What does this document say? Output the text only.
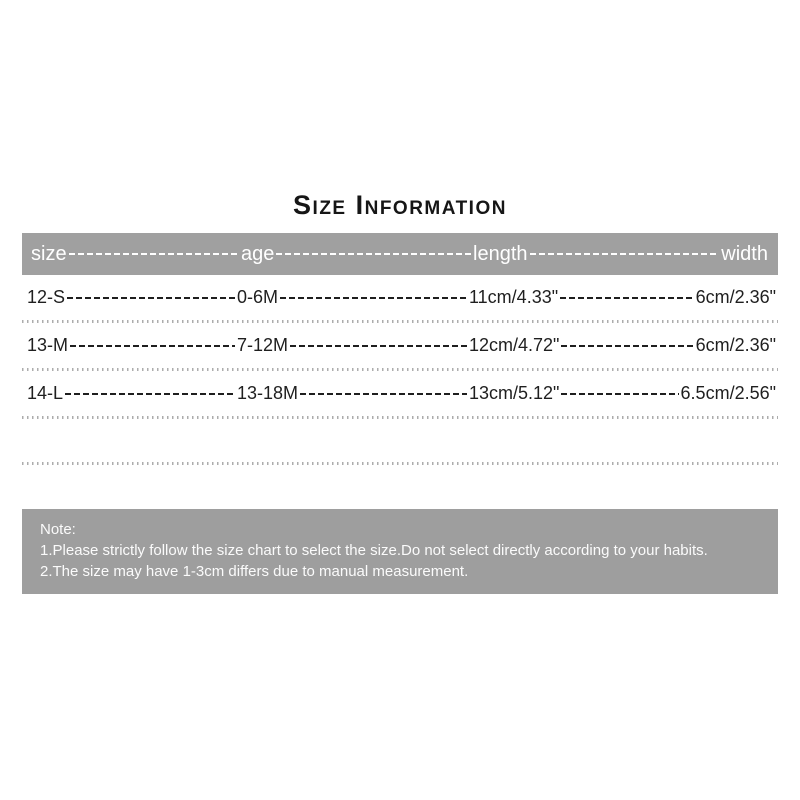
Size Information
size	age	length	width
12-S	0-6M	11cm/4.33"	6cm/2.36"
13-M	7-12M	12cm/4.72"	6cm/2.36"
14-L	13-18M	13cm/5.12"	6.5cm/2.56"
Note:
1.Please strictly follow the size chart to select the size.Do not select directly according to your habits.
2.The size may have 1-3cm differs due to manual measurement.
